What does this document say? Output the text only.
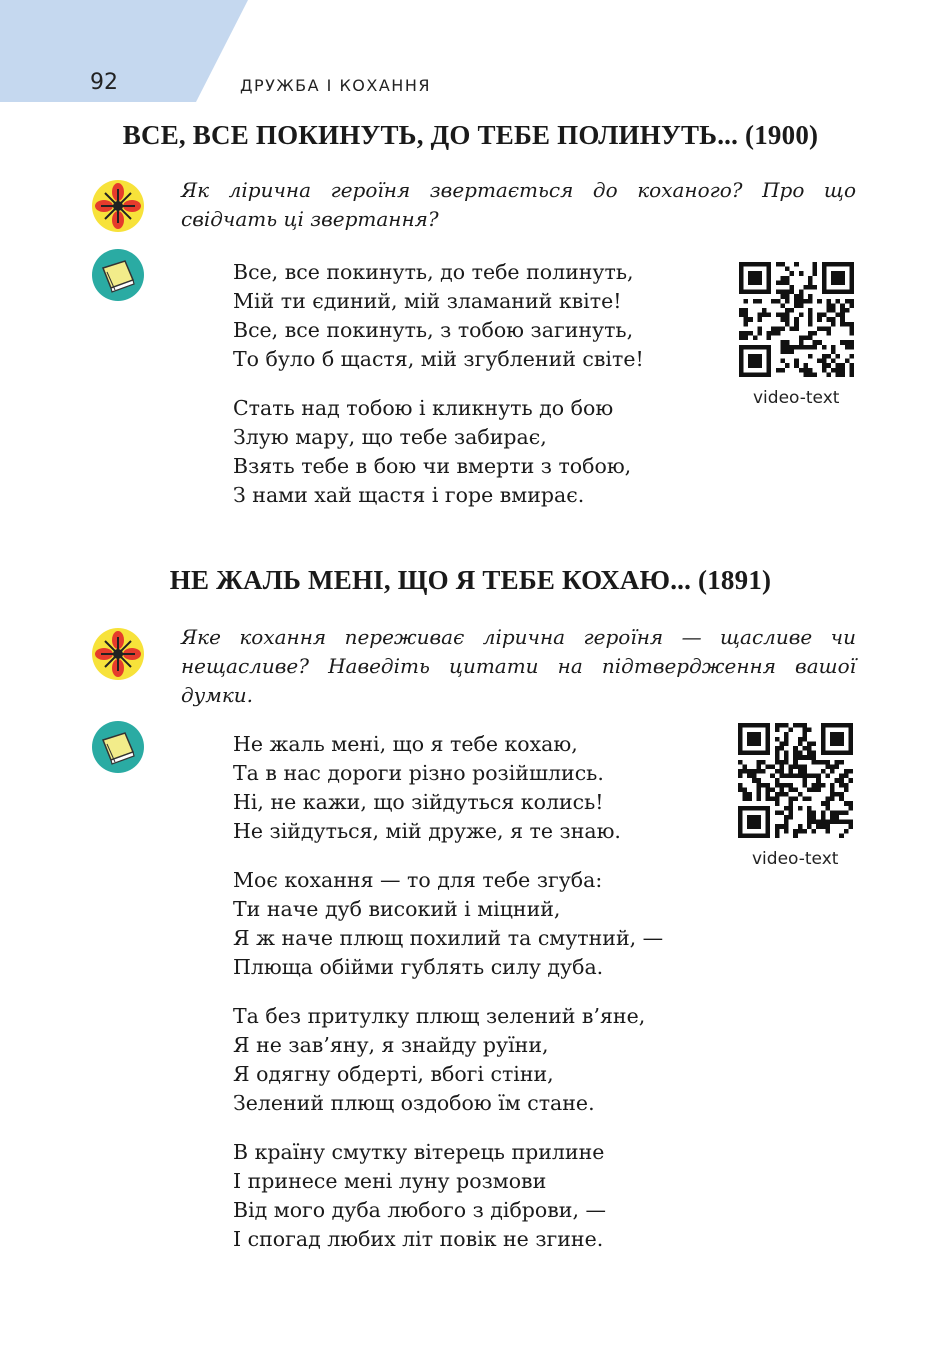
92	ДРУЖБА І КОХАННЯ
ВСЕ, ВСЕ ПОКИНУТЬ, ДО ТЕБЕ ПОЛИНУТЬ... (1900)
Як лірична героїня звертається до коханого? Про що свідчать ці звертання?
Все, все покинуть, до тебе полинуть,
Мій ти єдиний, мій зламаний квіте!
Все, все покинуть, з тобою загинуть,
То було б щастя, мій згублений світе!
Стать над тобою і кликнуть до бою
Злую мару, що тебе забирає,
Взять тебе в бою чи вмерти з тобою,
З нами хай щастя і горе вмирає.
video-text
НЕ ЖАЛЬ МЕНІ, ЩО Я ТЕБЕ КОХАЮ... (1891)
Яке кохання переживає лірична героїня — щасливе чи нещасливе? Наведіть цитати на підтвердження вашої думки.
Не жаль мені, що я тебе кохаю,
Та в нас дороги різно розійшлись.
Ні, не кажи, що зійдуться колись!
Не зійдуться, мій друже, я те знаю.
Моє кохання — то для тебе згуба:
Ти наче дуб високий і міцний,
Я ж наче плющ похилий та смутний, —
Плюща обійми гублять силу дуба.
Та без притулку плющ зелений в’яне,
Я не зав’яну, я знайду руїни,
Я одягну обдерті, вбогі стіни,
Зелений плющ оздобою їм стане.
В країну смутку вітерець прилине
І принесе мені луну розмови
Від мого дуба любого з діброви, —
І спогад любих літ повік не згине.
video-text
